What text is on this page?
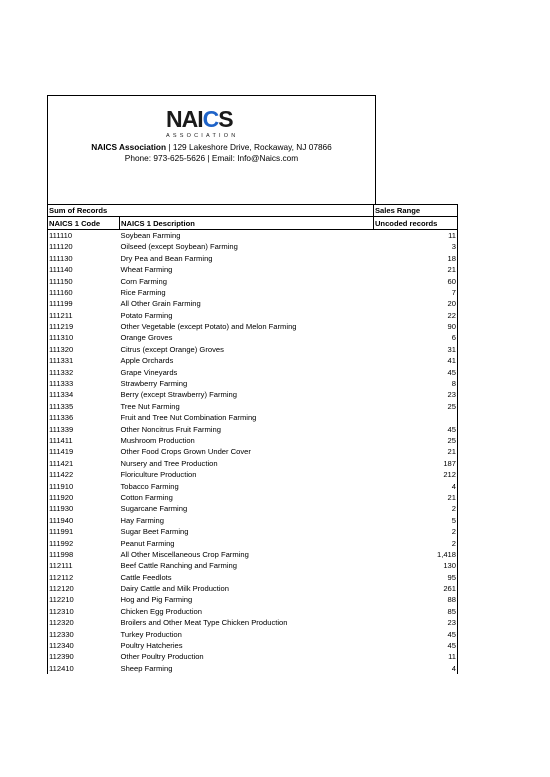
NAICS
ASSOCIATION
NAICS Association | 129 Lakeshore Drive, Rockaway, NJ 07866
Phone: 973-625-5626 | Email: Info@Naics.com
Sum of Records		Sales Range
NAICS 1 Code	NAICS 1 Description	Uncoded records
111110	Soybean Farming	11
111120	Oilseed (except Soybean) Farming	3
111130	Dry Pea and Bean Farming	18
111140	Wheat Farming	21
111150	Corn Farming	60
111160	Rice Farming	7
111199	All Other Grain Farming	20
111211	Potato Farming	22
111219	Other Vegetable (except Potato) and Melon Farming	90
111310	Orange Groves	6
111320	Citrus (except Orange) Groves	31
111331	Apple Orchards	41
111332	Grape Vineyards	45
111333	Strawberry Farming	8
111334	Berry (except Strawberry) Farming	23
111335	Tree Nut Farming	25
111336	Fruit and Tree Nut Combination Farming	
111339	Other Noncitrus Fruit Farming	45
111411	Mushroom Production	25
111419	Other Food Crops Grown Under Cover	21
111421	Nursery and Tree Production	187
111422	Floriculture Production	212
111910	Tobacco Farming	4
111920	Cotton Farming	21
111930	Sugarcane Farming	2
111940	Hay Farming	5
111991	Sugar Beet Farming	2
111992	Peanut Farming	2
111998	All Other Miscellaneous Crop Farming	1,418
112111	Beef Cattle Ranching and Farming	130
112112	Cattle Feedlots	95
112120	Dairy Cattle and Milk Production	261
112210	Hog and Pig Farming	88
112310	Chicken Egg Production	85
112320	Broilers and Other Meat Type Chicken Production	23
112330	Turkey Production	45
112340	Poultry Hatcheries	45
112390	Other Poultry Production	11
112410	Sheep Farming	4
